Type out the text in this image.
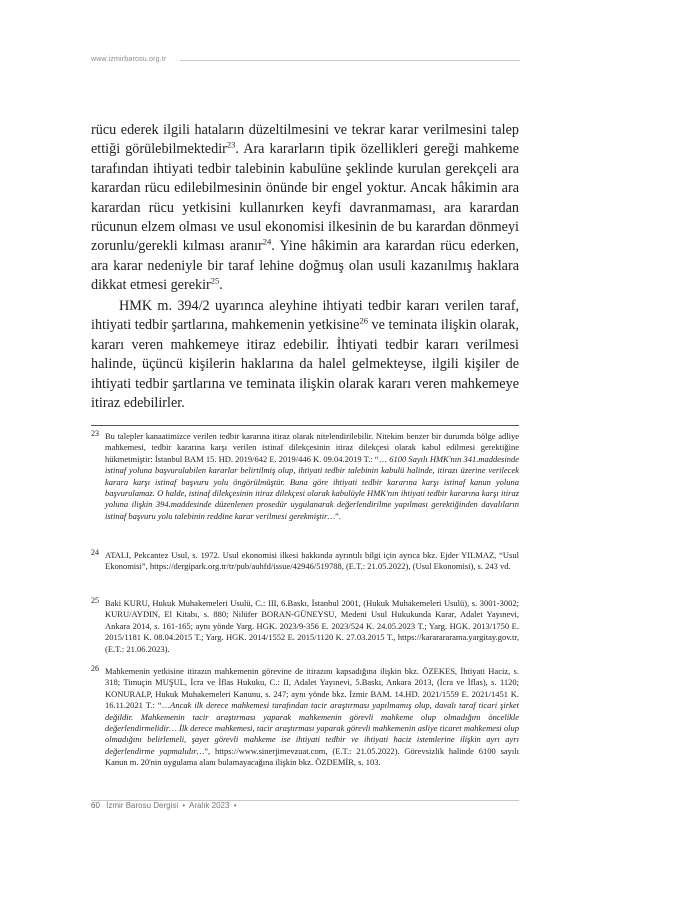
www.izmirbarosu.org.tr

rücu ederek ilgili hataların düzeltilmesini ve tekrar karar verilmesini talep ettiği görülebilmektedir$^{23}$. Ara kararların tipik özellikleri gereği mahkeme tarafından ihtiyati tedbir talebinin kabulüne şeklinde kurulan gerekçeli ara karardan rücu edilebilmesinin önünde bir engel yoktur. Ancak hâkimin ara karardan rücu yetkisini kullanırken keyfi davranmaması, ara karardan rücunun elzem olması ve usul ekonomisi ilkesinin de bu karardan dönmeyi zorunlu/gerekli kılması aranır$^{24}$. Yine hâkimin ara karardan rücu ederken, ara karar nedeniyle bir taraf lehine doğmuş olan usuli kazanılmış haklara dikkat etmesi gerekir$^{25}$.

HMK m. 394/2 uyarınca aleyhine ihtiyati tedbir kararı verilen taraf, ihtiyati tedbir şartlarına, mahkemenin yetkisine$^{26}$ ve teminata ilişkin olarak, kararı veren mahkemeye itiraz edebilir. İhtiyati tedbir kararı verilmesi halinde, üçüncü kişilerin haklarına da halel gelmekteyse, ilgili kişiler de ihtiyati tedbir şartlarına ve teminata ilişkin olarak kararı veren mahkemeye itiraz edebilirler.

23 Bu talepler kanaatimizce verilen tedbir kararına itiraz olarak nitelendirilebilir. Nitekim benzer bir durumda bölge adliye mahkemesi, tedbir kararına karşı verilen istinaf dilekçesinin itiraz dilekçesi olarak kabul edilmesi gerektiğine hükmetmiştir: İstanbul BAM 15. HD. 2019/642 E. 2019/446 K. 09.04.2019 T.: “… 6100 Sayılı HMK'nın 341.maddesinde istinaf yoluna başvurulabilen kararlar belirtilmiş olup, ihtiyati tedbir talebinin kabulü halinde, itirazı üzerine verilecek karara karşı istinaf başvuru yolu öngörülmüştür. Buna göre ihtiyati tedbir kararına karşı istinaf kanun yoluna başvurulamaz. O halde, istinaf dilekçesinin itiraz dilekçesi olarak kabulüyle HMK'nın ihtiyati tedbir kararına karşı itiraz yoluna ilişkin 394.maddesinde düzenlenen prosedür uygulanarak değerlendirilme yapılması gerektiğinden davalıların istinaf başvuru yolu talebinin reddine karar verilmesi gerekmiştir…”.

24 ATALI, Pekcantez Usul, s. 1972. Usul ekonomisi ilkesi hakkında ayrıntılı bilgi için ayrıca bkz. Ejder YILMAZ, “Usul Ekonomisi”, https://dergipark.org.tr/tr/pub/auhfd/issue/42946/519788, (E.T.: 21.05.2022), (Usul Ekonomisi), s. 243 vd.

25 Baki KURU, Hukuk Muhakemeleri Usulü, C.: III, 6.Baskı, İstanbul 2001, (Hukuk Muhakemeleri Usulü), s. 3001-3002; KURU/AYDIN, El Kitabı, s. 880; Nilüfer BORAN-GÜNEYSU, Medeni Usul Hukukunda Karar, Adalet Yayınevi, Ankara 2014, s. 161-165; aynı yönde Yarg. HGK. 2023/9-356 E. 2023/524 K. 24.05.2023 T.; Yarg. HGK. 2013/1750 E. 2015/1181 K. 08.04.2015 T.; Yarg. HGK. 2014/1552 E. 2015/1120 K. 27.03.2015 T., https://kararararama.yargitay.gov.tr, (E.T.: 21.06.2023).

26 Mahkemenin yetkisine itirazın mahkemenin görevine de itirazını kapsadığına ilişkin bkz. ÖZEKES, İhtiyati Haciz, s. 318; Timuçin MUŞUL, İcra ve İflas Hukuku, C.: II, Adalet Yayınevi, 5.Baskı, Ankara 2013, (İcra ve İflas), s. 1120; KONURALP, Hukuk Muhakemeleri Kanunu, s. 247; aynı yönde bkz. İzmir BAM. 14.HD. 2021/1559 E. 2021/1451 K. 16.11.2021 T.: “…Ancak ilk derece mahkemesi tarafından tacir araştırması yapılmamış olup, davalı taraf ticari şirket değildir. Mahkemenin tacir araştırması yaparak mahkemenin görevli mahkeme olup olmadığını öncelikle değerlendirmelidir… İlk derece mahkemesi, tacir araştırması yaparak görevli mahkemenin asliye ticaret mahkemesi olup olmadığını belirlemeli, şayet görevli mahkeme ise ihtiyati tedbir ve ihtiyati haciz istemlerine ilişkin ayrı ayrı değerlendirme yapmalıdır…”, https://www.sinerjimevzuat.com, (E.T.: 21.05.2022). Görevsizlik halinde 6100 sayılı Kanun m. 20'nin uygulama alanı bulamayacağına ilişkin bkz. ÖZDEMİR, s. 103.

60 İzmir Barosu Dergisi • Aralık 2023 •
